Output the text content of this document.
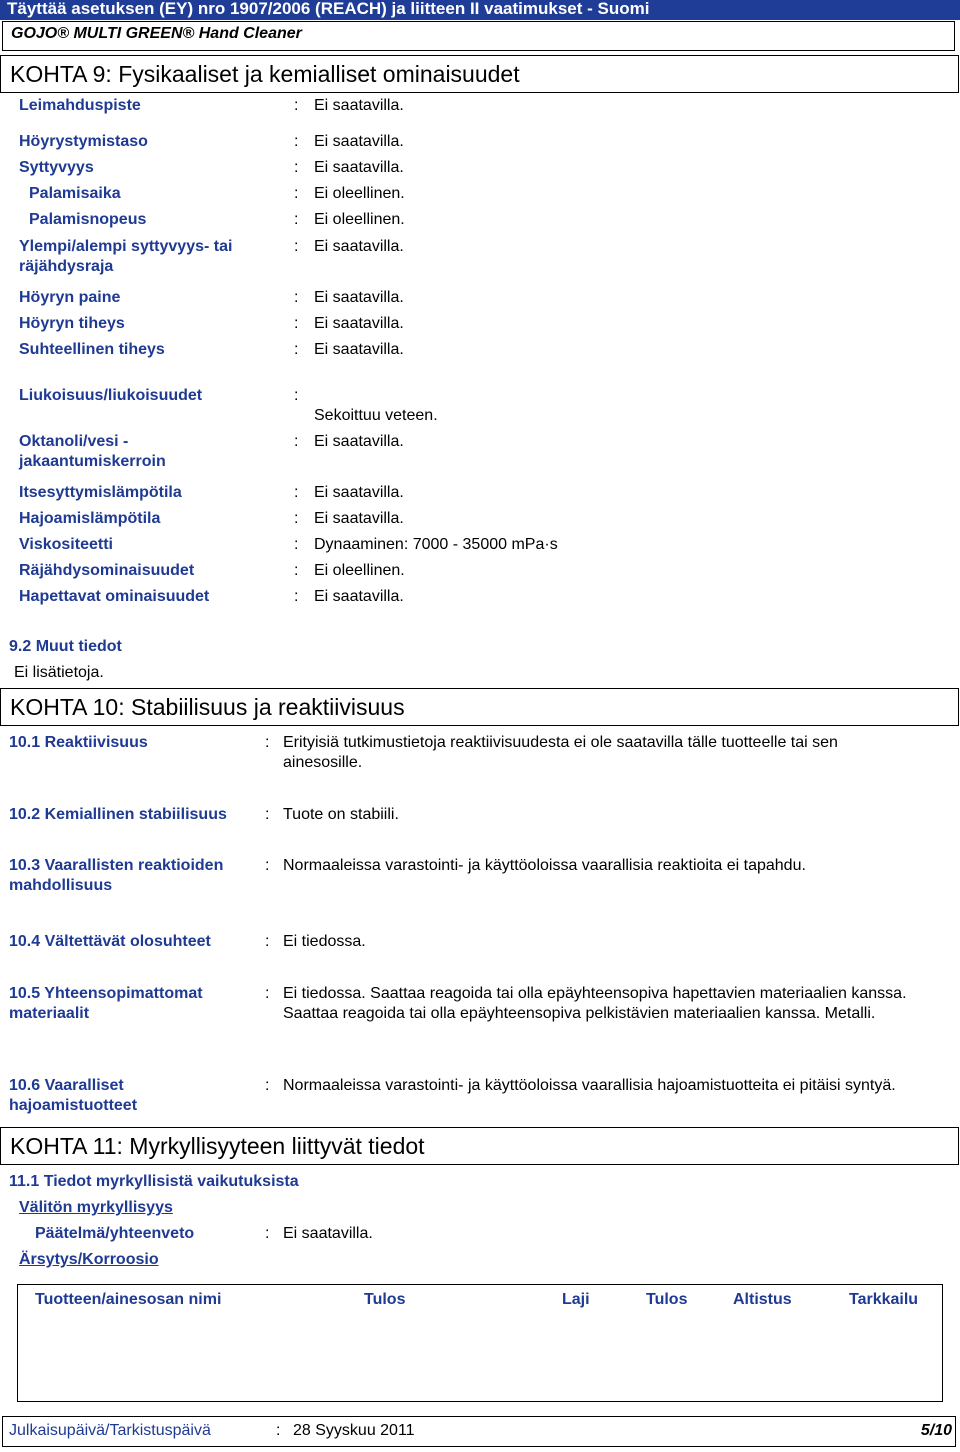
Täyttää asetuksen (EY) nro 1907/2006 (REACH) ja liitteen II vaatimukset - Suomi
GOJO® MULTI GREEN® Hand Cleaner
KOHTA 9: Fysikaaliset ja kemialliset ominaisuudet
Leimahduspiste	: Ei saatavilla.
Höyrystymistaso	: Ei saatavilla.
Syttyvyys	: Ei saatavilla.
Palamisaika	: Ei oleellinen.
Palamisnopeus	: Ei oleellinen.
Ylempi/alempi syttyvyys- tai räjähdysraja
: Ei saatavilla.
Höyryn paine	: Ei saatavilla.
Höyryn tiheys	: Ei saatavilla.
Suhteellinen tiheys	: Ei saatavilla.
Liukoisuus/liukoisuudet	:
Sekoittuu veteen.
Oktanoli/vesi - jakaantumiskerroin
: Ei saatavilla.
Itsesyttymislämpötila	: Ei saatavilla.
Hajoamislämpötila	: Ei saatavilla.
Viskositeetti	: Dynaaminen: 7000 - 35000 mPa·s
Räjähdysominaisuudet	: Ei oleellinen.
Hapettavat ominaisuudet	: Ei saatavilla.
9.2 Muut tiedot
Ei lisätietoja.
KOHTA 10: Stabiilisuus ja reaktiivisuus
10.1 Reaktiivisuus	: Erityisiä tutkimustietoja reaktiivisuudesta ei ole saatavilla tälle tuotteelle tai sen ainesosille.
10.2 Kemiallinen stabiilisuus : Tuote on stabiili.
10.3 Vaarallisten reaktioiden mahdollisuus
: Normaaleissa varastointi- ja käyttöoloissa vaarallisia reaktioita ei tapahdu.
10.4 Vältettävät olosuhteet	: Ei tiedossa.
10.5 Yhteensopimattomat materiaalit
: Ei tiedossa. Saattaa reagoida tai olla epäyhteensopiva hapettavien materiaalien kanssa. Saattaa reagoida tai olla epäyhteensopiva pelkistävien materiaalien kanssa. Metalli.
10.6 Vaaralliset hajoamistuotteet
: Normaaleissa varastointi- ja käyttöoloissa vaarallisia hajoamistuotteita ei pitäisi syntyä.
KOHTA 11: Myrkyllisyyteen liittyvät tiedot
11.1 Tiedot myrkyllisistä vaikutuksista
Välitön myrkyllisyys
Päätelmä/yhteenveto	: Ei saatavilla.
Ärsytys/Korroosio
Tuotteen/ainesosan nimi	Tulos	Laji	Tulos	Altistus	Tarkkailu
Julkaisupäivä/Tarkistuspäivä	: 28 Syyskuu 2011	5/10
